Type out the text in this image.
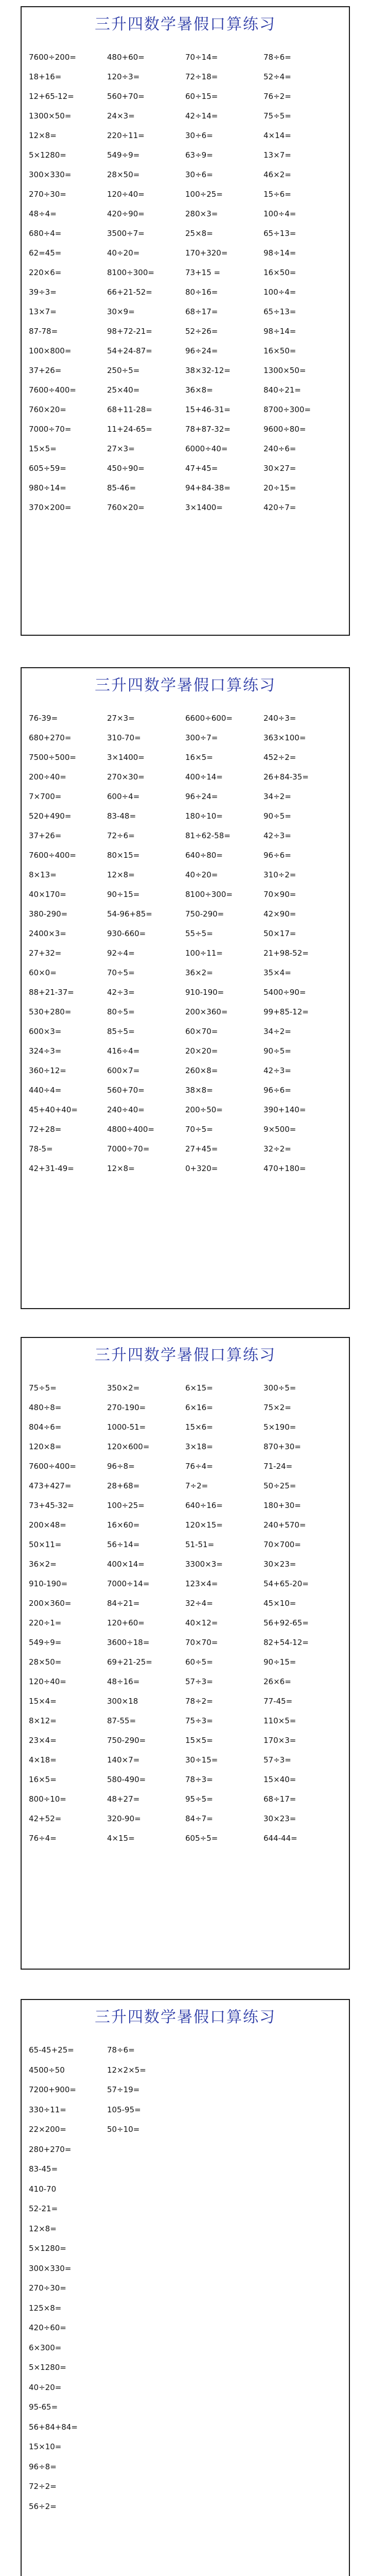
三升四数学暑假口算练习
7600÷200=	480+60=	70÷14=	78÷6=
18+16=	120÷3=	72÷18=	52÷4=
12+65-12=	560+70=	60÷15=	76÷2=
1300×50=	24×3=	42÷14=	75÷5=
12×8=	220÷11=	30÷6=	4×14=
5×1280=	549÷9=	63÷9=	13×7=
300×330=	28×50=	30÷6=	46×2=
270÷30=	120÷40=	100÷25=	15÷6=
48÷4=	420÷90=	280×3=	100÷4=
680÷4=	3500÷7=	25×8=	65÷13=
62=45=	40÷20=	170+320=	98÷14=
220×6=	8100÷300=	73+15 =	16×50=
39÷3=	66+21-52=	80÷16=	100÷4=
13×7=	30×9=	68÷17=	65÷13=
87-78=	98+72-21=	52÷26=	98÷14=
100×800=	54+24-87=	96÷24=	16×50=
37+26=	250÷5=	38×32-12=	1300×50=
7600÷400=	25×40=	36×8=	840÷21=
760×20=	68+11-28=	15+46-31=	8700÷300=
7000÷70=	11+24-65=	78+87-32=	9600÷80=
15×5=	27×3=	6000÷40=	240÷6=
605÷59=	450÷90=	47+45=	30×27=
980÷14=	85-46=	94+84-38=	20÷15=
370×200=	760×20=	3×1400=	420÷7=
三升四数学暑假口算练习
76-39=	27×3=	6600÷600=	240÷3=
680+270=	310-70=	300÷7=	363×100=
7500÷500=	3×1400=	16×5=	452÷2=
200÷40=	270×30=	400÷14=	26+84-35=
7×700=	600÷4=	96÷24=	34÷2=
520+490=	83-48=	180÷10=	90÷5=
37+26=	72÷6=	81÷62-58=	42÷3=
7600÷400=	80×15=	640÷80=	96÷6=
8×13=	12×8=	40÷20=	310÷2=
40×170=	90÷15=	8100÷300=	70×90=
380-290=	54-96+85=	750-290=	42×90=
2400×3=	930-660=	55÷5=	50×17=
27+32=	92÷4=	100÷11=	21+98-52=
60×0=	70÷5=	36×2=	35×4=
88+21-37=	42÷3=	910-190=	5400÷90=
530+280=	80÷5=	200×360=	99+85-12=
600×3=	85÷5=	60×70=	34÷2=
324÷3=	416÷4=	20×20=	90÷5=
360÷12=	600×7=	260×8=	42÷3=
440÷4=	560+70=	38×8=	96÷6=
45+40+40=	240÷40=	200÷50=	390+140=
72+28=	4800÷400=	70÷5=	9×500=
78-5=	7000÷70=	27+45=	32÷2=
42+31-49=	12×8=	0+320=	470+180=
三升四数学暑假口算练习
75÷5=	350×2=	6×15=	300÷5=
480÷8=	270-190=	6×16=	75×2=
804÷6=	1000-51=	15×6=	5×190=
120×8=	120×600=	3×18=	870+30=
7600÷400=	96÷8=	76÷4=	71-24=
473+427=	28+68=	7÷2=	50÷25=
73+45-32=	100÷25=	640÷16=	180+30=
200×48=	16×60=	120×15=	240+570=
50×11=	56÷14=	51-51=	70×700=
36×2=	400×14=	3300×3=	30×23=
910-190=	7000÷14=	123×4=	54+65-20=
200×360=	84÷21=	32÷4=	45×10=
220÷1=	120+60=	40×12=	56+92-65=
549÷9=	3600÷18=	70×70=	82+54-12=
28×50=	69+21-25=	60÷5=	90÷15=
120÷40=	48÷16=	57÷3=	26×6=
15×4=	300×18	78÷2=	77-45=
8×12=	87-55=	75÷3=	110×5=
23×4=	750-290=	15×5=	170×3=
4×18=	140×7=	30÷15=	57÷3=
16×5=	580-490=	78÷3=	15×40=
800÷10=	48+27=	95÷5=	68÷17=
42+52=	320-90=	84÷7=	30×23=
76÷4=	4×15=	605÷5=	644-44=
三升四数学暑假口算练习
65-45+25=	78÷6=
4500÷50	12×2×5=
7200+900=	57÷19=
330÷11=	105-95=
22×200=	50÷10=
280+270=
83-45=
410-70
52-21=
12×8=
5×1280=
300×330=
270÷30=
125×8=
420÷60=
6×300=
5×1280=
40÷20=
95-65=
56+84+84=
15×10=
96÷8=
72÷2=
56÷2=
